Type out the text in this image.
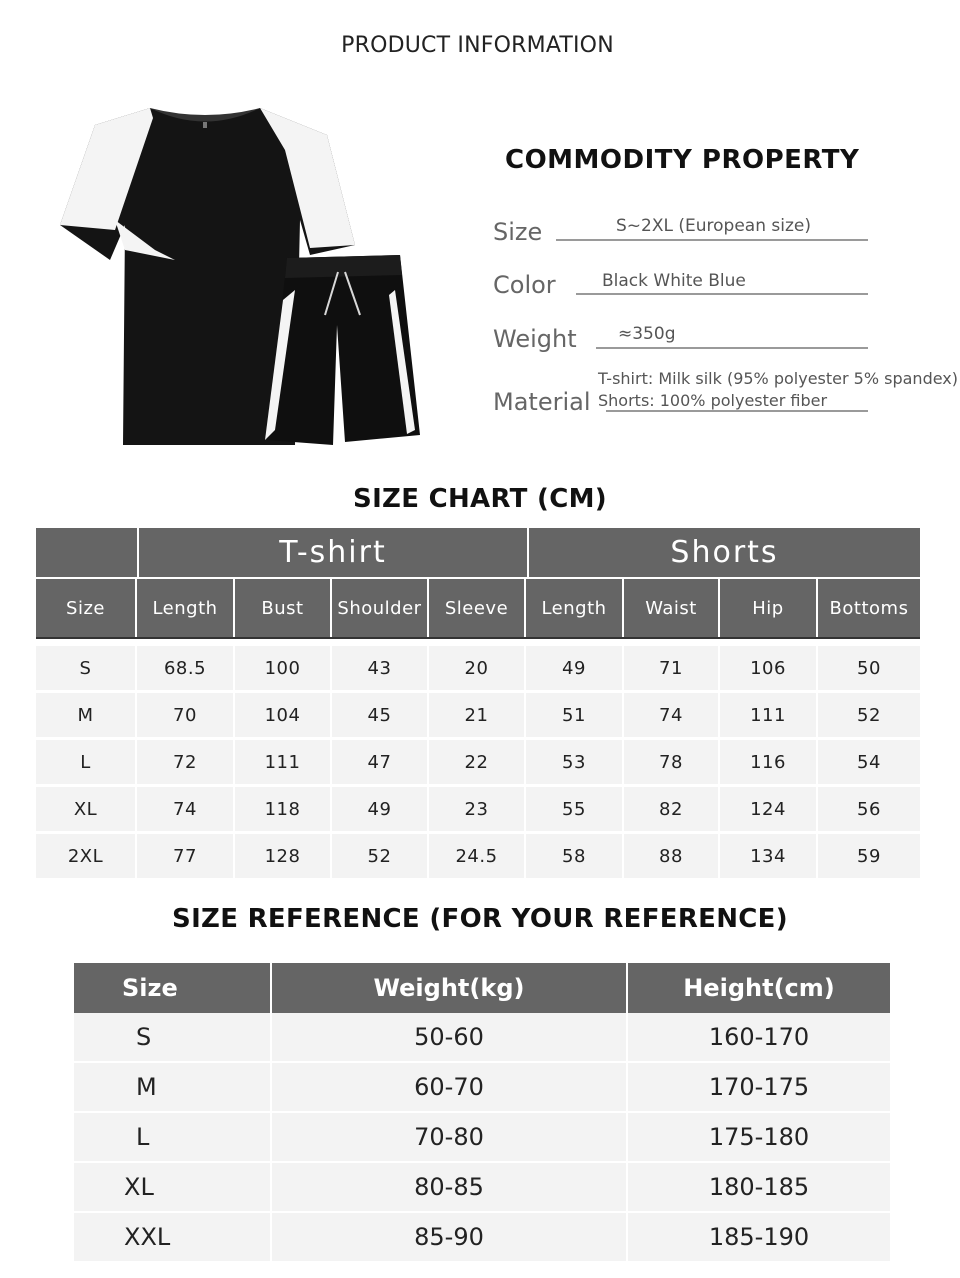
PRODUCT INFORMATION
COMMODITY PROPERTY
Size	S~2XL (European size)
Color	Black White Blue
Weight ≈350g
Material
T-shirt: Milk silk (95% polyester 5% spandex)
Shorts: 100% polyester fiber
SIZE CHART (CM)
T-shirt	Shorts
Size	Length	Bust	Shoulder	Sleeve	Length	Waist	Hip	Bottoms
S	68.5	100	43	20	49	71	106	50
M	70	104	45	21	51	74	111	52
L	72	111	47	22	53	78	116	54
XL	74	118	49	23	55	82	124	56
2XL	77	128	52	24.5	58	88	134	59
SIZE REFERENCE (FOR YOUR REFERENCE)
Size	Weight(kg)	Height(cm)
S	50-60	160-170
M	60-70	170-175
L	70-80	175-180
XL	80-85	180-185
XXL	85-90	185-190
